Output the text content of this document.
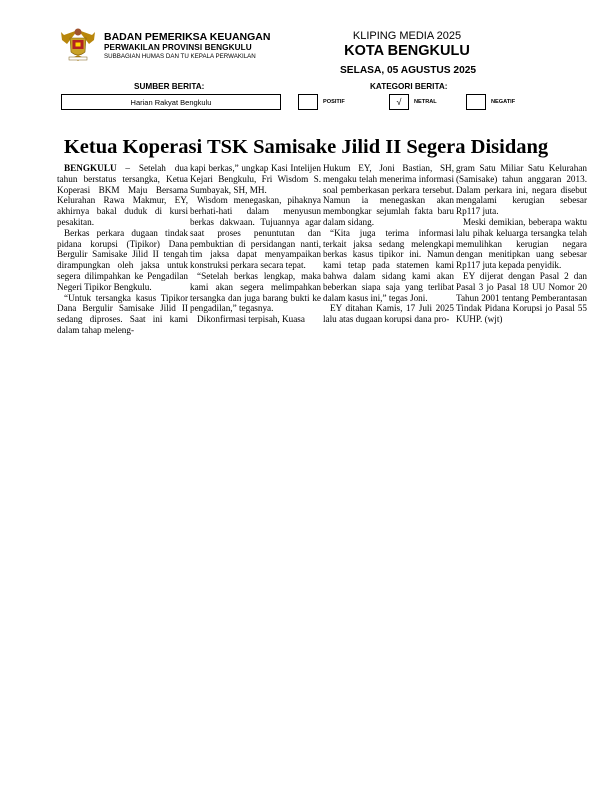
BADAN PEMERIKSA KEUANGAN
PERWAKILAN PROVINSI BENGKULU
SUBBAGIAN HUMAS DAN TU KEPALA PERWAKILAN
KLIPING MEDIA 2025
KOTA BENGKULU
SELASA, 05 AGUSTUS 2025
SUMBER BERITA:	KATEGORI BERITA:
Harian Rakyat Bengkulu	POSITIF	√	NETRAL	NEGATIF
Ketua Koperasi TSK Samisake Jilid II Segera Disidang

BENGKULU – Setelah dua tahun berstatus tersangka, Ketua Koperasi BKM Maju Bersama Kelurahan Rawa Makmur, EY, akhirnya bakal duduk di kursi pesakitan.

Berkas perkara dugaan tindak pidana korupsi (Tipikor) Dana Bergulir Samisake Jilid II tengah dirampungkan oleh jaksa untuk segera dilimpahkan ke Pengadilan Negeri Tipikor Bengkulu.

“Untuk tersangka kasus Tipikor Dana Bergulir Samisake Jilid II sedang diproses. Saat ini kami dalam tahap meleng-

kapi berkas,” ungkap Kasi Intelijen Kejari Bengkulu, Fri Wisdom S. Sumbayak, SH, MH.

Wisdom menegaskan, pihaknya berhati-hati dalam menyusun berkas dakwaan. Tujuannya agar saat proses penuntutan dan pembuktian di persidangan nanti, tim jaksa dapat menyampaikan konstruksi perkara secara tepat.

“Setelah berkas lengkap, maka kami akan segera melimpahkan tersangka dan juga barang bukti ke pengadilan,” tegasnya.

Dikonfirmasi terpisah, Kuasa

Hukum EY, Joni Bastian, SH, mengaku telah menerima informasi soal pemberkasan perkara tersebut. Namun ia menegaskan akan membongkar sejumlah fakta baru dalam sidang.

“Kita juga terima informasi terkait jaksa sedang melengkapi berkas kasus tipikor ini. Namun kami tetap pada statemen kami bahwa dalam sidang kami akan beberkan siapa saja yang terlibat dalam kasus ini,” tegas Joni.

EY ditahan Kamis, 17 Juli 2025 lalu atas dugaan korupsi dana pro-

gram Satu Miliar Satu Kelurahan (Samisake) tahun anggaran 2013. Dalam perkara ini, negara disebut mengalami kerugian sebesar Rp117 juta.

Meski demikian, beberapa waktu lalu pihak keluarga tersangka telah memulihkan kerugian negara dengan menitipkan uang sebesar Rp117 juta kepada penyidik.

EY dijerat dengan Pasal 2 dan Pasal 3 jo Pasal 18 UU Nomor 20 Tahun 2001 tentang Pemberantasan Tindak Pidana Korupsi jo Pasal 55 KUHP. (wjt)
